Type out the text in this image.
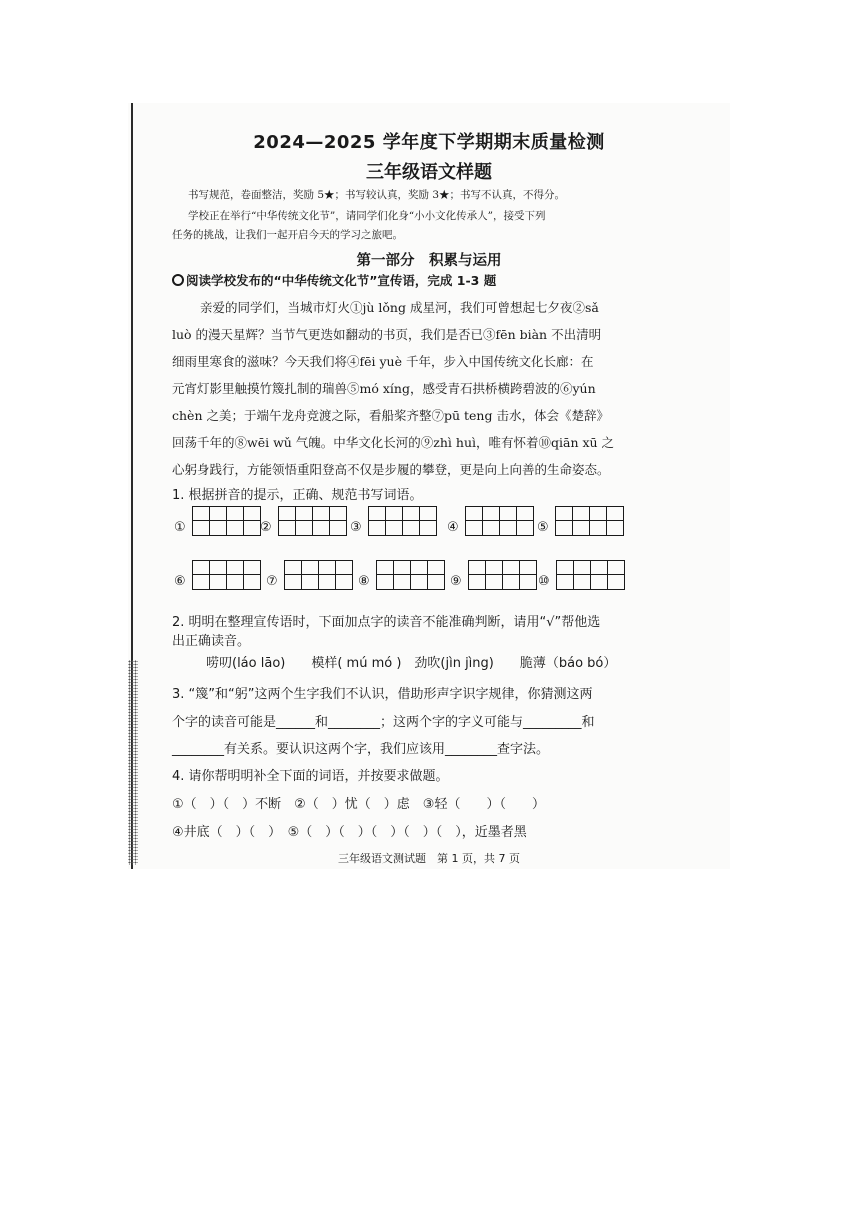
2024—2025 学年度下学期期末质量检测
三年级语文样题
书写规范，卷面整洁，奖励 5★；书写较认真，奖励 3★；书写不认真，不得分。
学校正在举行“中华传统文化节”，请同学们化身“小小文化传承人”，接受下列
任务的挑战，让我们一起开启今天的学习之旅吧。
第一部分　积累与运用
阅读学校发布的“中华传统文化节”宣传语，完成 1-3 题
亲爱的同学们，当城市灯火①jù lǒng 成星河，我们可曾想起七夕夜②sǎ
luò 的漫天星辉？当节气更迭如翻动的书页，我们是否已③fēn biàn 不出清明
细雨里寒食的滋味？今天我们将④fēi yuè 千年，步入中国传统文化长廊：在
元宵灯影里触摸竹篾扎制的瑞兽⑤mó xíng，感受青石拱桥横跨碧波的⑥yún
chèn 之美；于端午龙舟竞渡之际，看船桨齐整⑦pū teng 击水，体会《楚辞》
回荡千年的⑧wēi wǔ 气魄。中华文化长河的⑨zhì huì，唯有怀着⑩qiān xū 之
心躬身践行，方能领悟重阳登高不仅是步履的攀登，更是向上向善的生命姿态。
1. 根据拼音的提示，正确、规范书写词语。
①	②	③	④	⑤
⑥	⑦	⑧	⑨	⑩
2. 明明在整理宣传语时，下面加点字的读音不能准确判断，请用“√”帮他选
出正确读音。
唠叨(láo lāo)　　模样( mú mó )　劲吹(jìn jìng)　　脆薄（báo bó）
3. “篾”和“躬”这两个生字我们不认识，借助形声字识字规律，你猜测这两
个字的读音可能是______和________；这两个字的字义可能与_________和
________有关系。要认识这两个字，我们应该用________查字法。
4. 请你帮明明补全下面的词语，并按要求做题。
①（　）（　）不断　②（　）忧（　）虑　③轻（　　）（　　）
④井底（　）（　）　⑤（　）（　）（　）（　）（　），近墨者黑
三年级语文测试题　第 1 页，共 7 页
